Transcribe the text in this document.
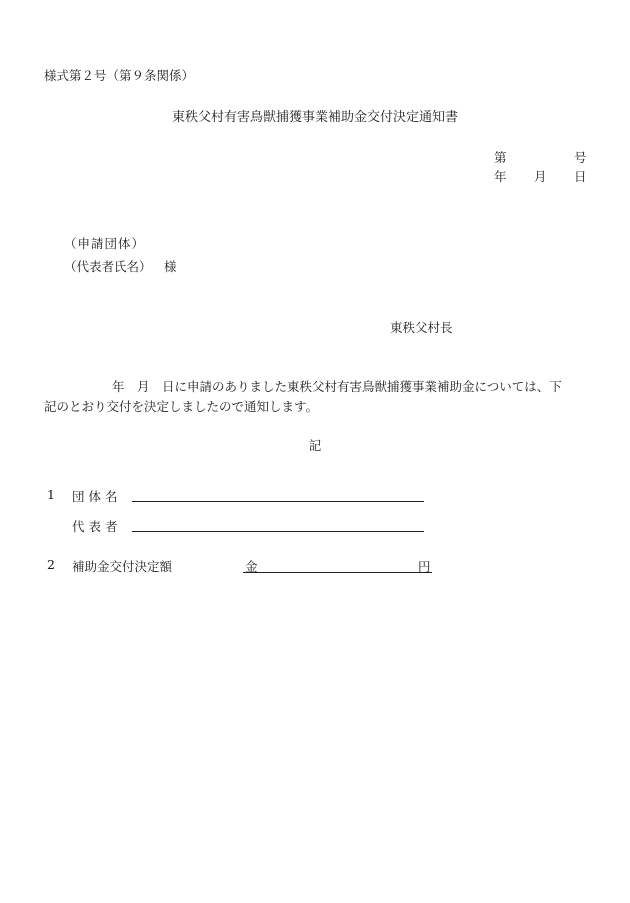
様式第２号（第９条関係）
東秩父村有害鳥獣捕獲事業補助金交付決定通知書
第	号
年 月 日
（申請団体）
（代表者氏名） 様
東秩父村長
年　月　日に申請のありました東秩父村有害鳥獣捕獲事業補助金については、下
記のとおり交付を決定しましたので通知します。
記
1 団体名
代表者
2 補助金交付決定額	金	円
